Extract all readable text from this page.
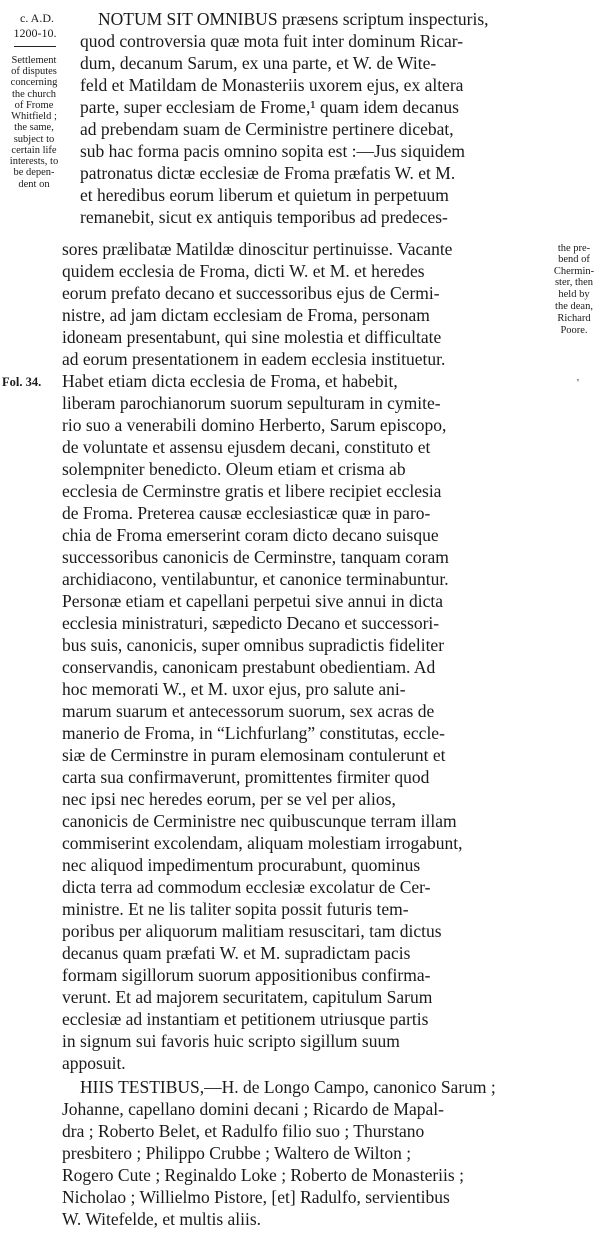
c. A.D.
1200-10.
Settlement
of disputes
concerning
the church
of Frome
Whitfield ;
the same,
subject to
certain life
interests, to
be depen-
dent on
the pre-
bend of
Chermin-
ster, then
held by
the dean,
Richard
Poore.
Fol. 34.	'
NOTUM SIT OMNIBUS præsens scriptum inspecturis,
quod controversia quæ mota fuit inter dominum Ricar-
dum, decanum Sarum, ex una parte, et W. de Wite-
feld et Matildam de Monasteriis uxorem ejus, ex altera
parte, super ecclesiam de Frome,¹ quam idem decanus
ad prebendam suam de Cerministre pertinere dicebat,
sub hac forma pacis omnino sopita est :—Jus siquidem
patronatus dictæ ecclesiæ de Froma præfatis W. et M.
et heredibus eorum liberum et quietum in perpetuum
remanebit, sicut ex antiquis temporibus ad predeces-
sores prælibatæ Matildæ dinoscitur pertinuisse. Vacante
quidem ecclesia de Froma, dicti W. et M. et heredes
eorum prefato decano et successoribus ejus de Cermi-
nistre, ad jam dictam ecclesiam de Froma, personam
idoneam presentabunt, qui sine molestia et difficultate
ad eorum presentationem in eadem ecclesia instituetur.
Habet etiam dicta ecclesia de Froma, et habebit,
liberam parochianorum suorum sepulturam in cymite-
rio suo a venerabili domino Herberto, Sarum episcopo,
de voluntate et assensu ejusdem decani, constituto et
solempniter benedicto. Oleum etiam et crisma ab
ecclesia de Cerminstre gratis et libere recipiet ecclesia
de Froma. Preterea causæ ecclesiasticæ quæ in paro-
chia de Froma emerserint coram dicto decano suisque
successoribus canonicis de Cerminstre, tanquam coram
archidiacono, ventilabuntur, et canonice terminabuntur.
Personæ etiam et capellani perpetui sive annui in dicta
ecclesia ministraturi, sæpedicto Decano et successori-
bus suis, canonicis, super omnibus supradictis fideliter
conservandis, canonicam prestabunt obedientiam. Ad
hoc memorati W., et M. uxor ejus, pro salute ani-
marum suarum et antecessorum suorum, sex acras de
manerio de Froma, in “Lichfurlang” constitutas, eccle-
siæ de Cerminstre in puram elemosinam contulerunt et
carta sua confirmaverunt, promittentes firmiter quod
nec ipsi nec heredes eorum, per se vel per alios,
canonicis de Cerministre nec quibuscunque terram illam
commiserint excolendam, aliquam molestiam irrogabunt,
nec aliquod impedimentum procurabunt, quominus
dicta terra ad commodum ecclesiæ excolatur de Cer-
ministre. Et ne lis taliter sopita possit futuris tem-
poribus per aliquorum malitiam resuscitari, tam dictus
decanus quam præfati W. et M. supradictam pacis
formam sigillorum suorum appositionibus confirma-
verunt. Et ad majorem securitatem, capitulum Sarum
ecclesiæ ad instantiam et petitionem utriusque partis
in signum sui favoris huic scripto sigillum suum
apposuit.
HIIS TESTIBUS,—H. de Longo Campo, canonico Sarum ;
Johanne, capellano domini decani ; Ricardo de Mapal-
dra ; Roberto Belet, et Radulfo filio suo ; Thurstano
presbitero ; Philippo Crubbe ; Waltero de Wilton ;
Rogero Cute ; Reginaldo Loke ; Roberto de Monasteriis ;
Nicholao ; Willielmo Pistore, [et] Radulfo, servientibus
W. Witefelde, et multis aliis.
